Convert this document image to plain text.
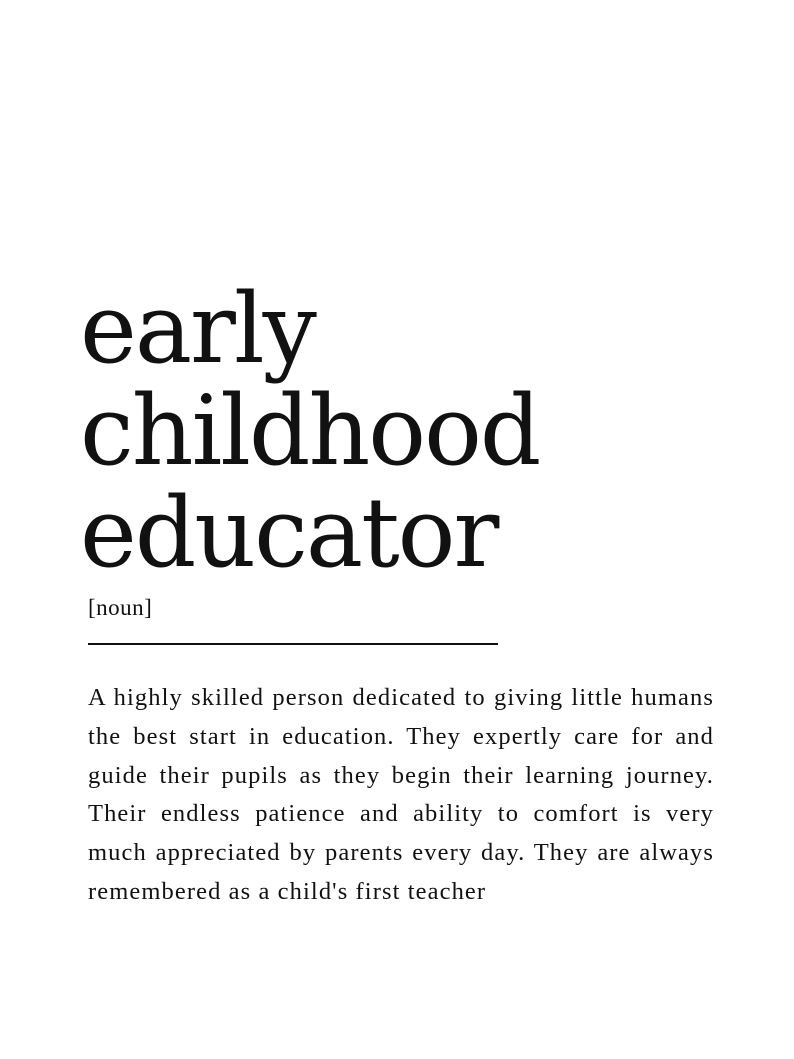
early
childhood
educator
[noun]

A highly skilled person dedicated to giving little humans the best start in education. They expertly care for and guide their pupils as they begin their learning journey. Their endless patience and ability to comfort is very much appreciated by parents every day. They are always remembered as a child's first teacher
